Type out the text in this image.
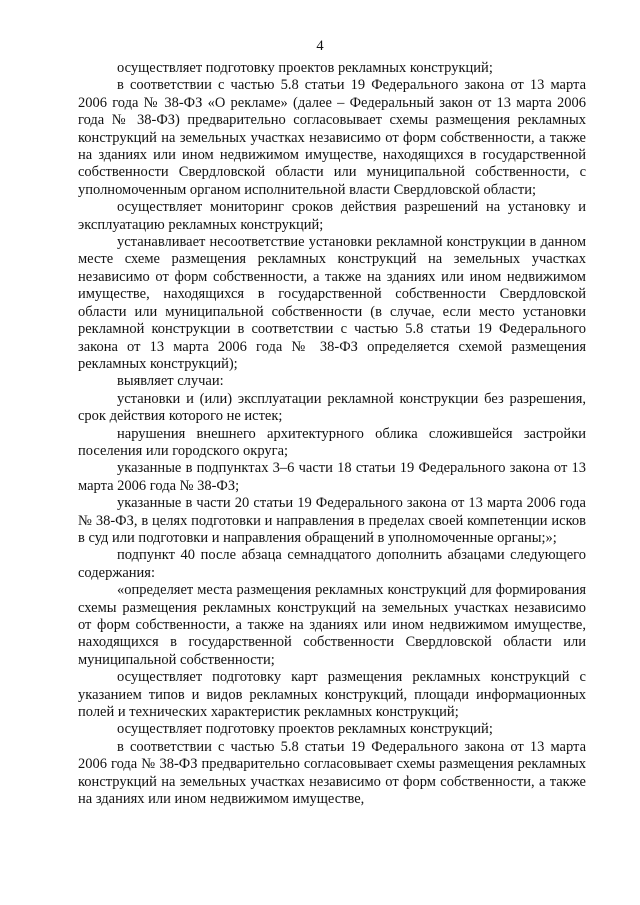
4

осуществляет подготовку проектов рекламных конструкций;

в соответствии с частью 5.8 статьи 19 Федерального закона от 13 марта 2006 года № 38-ФЗ «О рекламе» (далее – Федеральный закон от 13 марта 2006 года № 38-ФЗ) предварительно согласовывает схемы размещения рекламных конструкций на земельных участках независимо от форм собственности, а также на зданиях или ином недвижимом имуществе, находящихся в государственной собственности Свердловской области или муниципальной собственности, с уполномоченным органом исполнительной власти Свердловской области;

осуществляет мониторинг сроков действия разрешений на установку и эксплуатацию рекламных конструкций;

устанавливает несоответствие установки рекламной конструкции в данном месте схеме размещения рекламных конструкций на земельных участках независимо от форм собственности, а также на зданиях или ином недвижимом имуществе, находящихся в государственной собственности Свердловской области или муниципальной собственности (в случае, если место установки рекламной конструкции в соответствии с частью 5.8 статьи 19 Федерального закона от 13 марта 2006 года № 38-ФЗ определяется схемой размещения рекламных конструкций);

выявляет случаи:

установки и (или) эксплуатации рекламной конструкции без разрешения, срок действия которого не истек;

нарушения внешнего архитектурного облика сложившейся застройки поселения или городского округа;

указанные в подпунктах 3–6 части 18 статьи 19 Федерального закона от 13 марта 2006 года № 38-ФЗ;

указанные в части 20 статьи 19 Федерального закона от 13 марта 2006 года № 38-ФЗ, в целях подготовки и направления в пределах своей компетенции исков в суд или подготовки и направления обращений в уполномоченные органы;»;

подпункт 40 после абзаца семнадцатого дополнить абзацами следующего содержания:

«определяет места размещения рекламных конструкций для формирования схемы размещения рекламных конструкций на земельных участках независимо от форм собственности, а также на зданиях или ином недвижимом имуществе, находящихся в государственной собственности Свердловской области или муниципальной собственности;

осуществляет подготовку карт размещения рекламных конструкций с указанием типов и видов рекламных конструкций, площади информационных полей и технических характеристик рекламных конструкций;

осуществляет подготовку проектов рекламных конструкций;

в соответствии с частью 5.8 статьи 19 Федерального закона от 13 марта 2006 года № 38-ФЗ предварительно согласовывает схемы размещения рекламных конструкций на земельных участках независимо от форм собственности, а также на зданиях или ином недвижимом имуществе,
